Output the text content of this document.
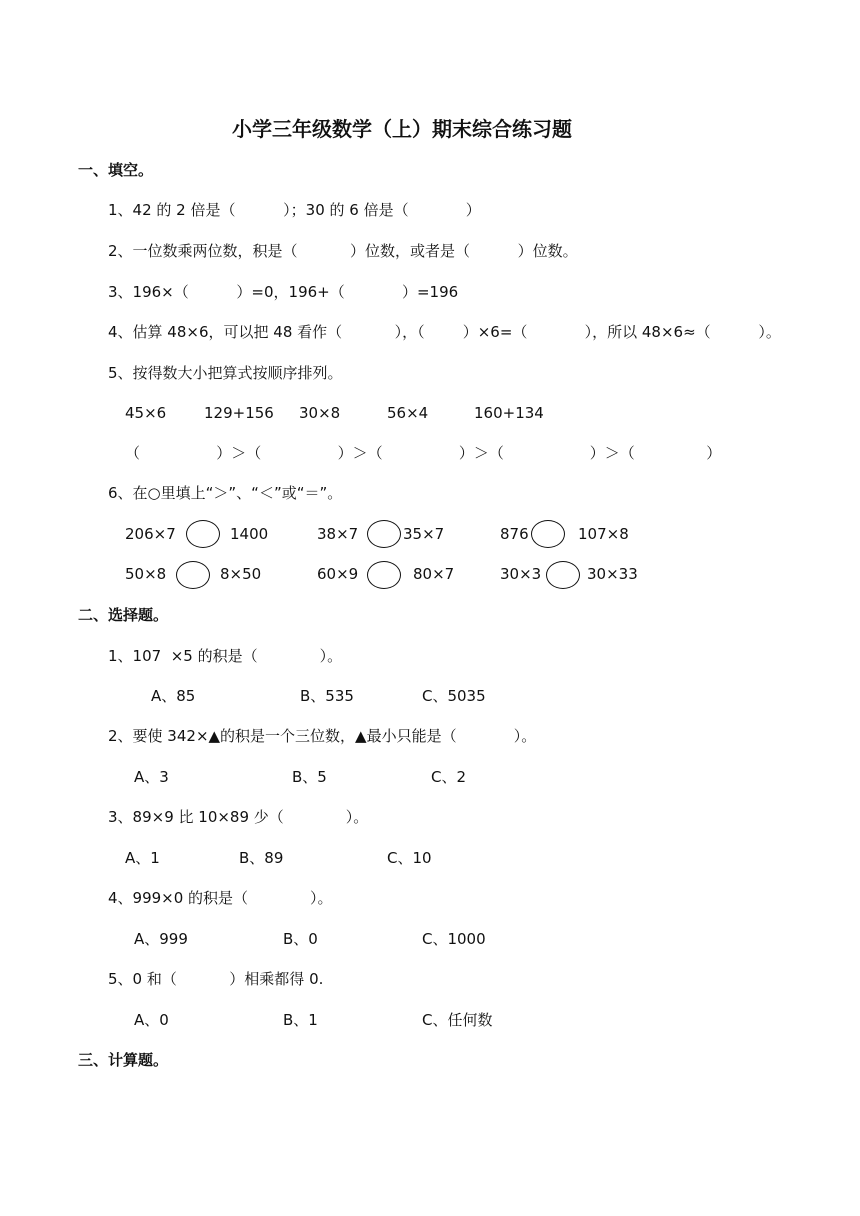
小学三年级数学（上）期末综合练习题
一、填空。
1、42 的 2 倍是（          ）；30 的 6 倍是（            ）
2、一位数乘两位数，积是（           ）位数，或者是（          ）位数。
3、196×（          ）=0，196+（            ）=196
4、估算 48×6，可以把 48 看作（           ），（        ）×6=（            ），所以 48×6≈（          ）。
5、按得数大小把算式按顺序排列。
45×6	129+156 30×8	56×4	160+134
（                ）＞（                ）＞（                ）＞（                  ）＞（               ）
6、在○里填上“＞”、“＜”或“＝”。
206×7	1400	38×7	35×7	876	107×8
50×8	8×50	60×9	80×7	30×3	30×33
二、选择题。
1、107  ×5 的积是（             ）。
A、85	B、535	C、5035
2、要使 342×▲的积是一个三位数，▲最小只能是（            ）。
A、3	B、5	C、2
3、89×9 比 10×89 少（             ）。
A、1	B、89	C、10
4、999×0 的积是（             ）。
A、999	B、0	C、1000
5、0 和（           ）相乘都得 0.
A、0	B、1	C、任何数
三、计算题。
